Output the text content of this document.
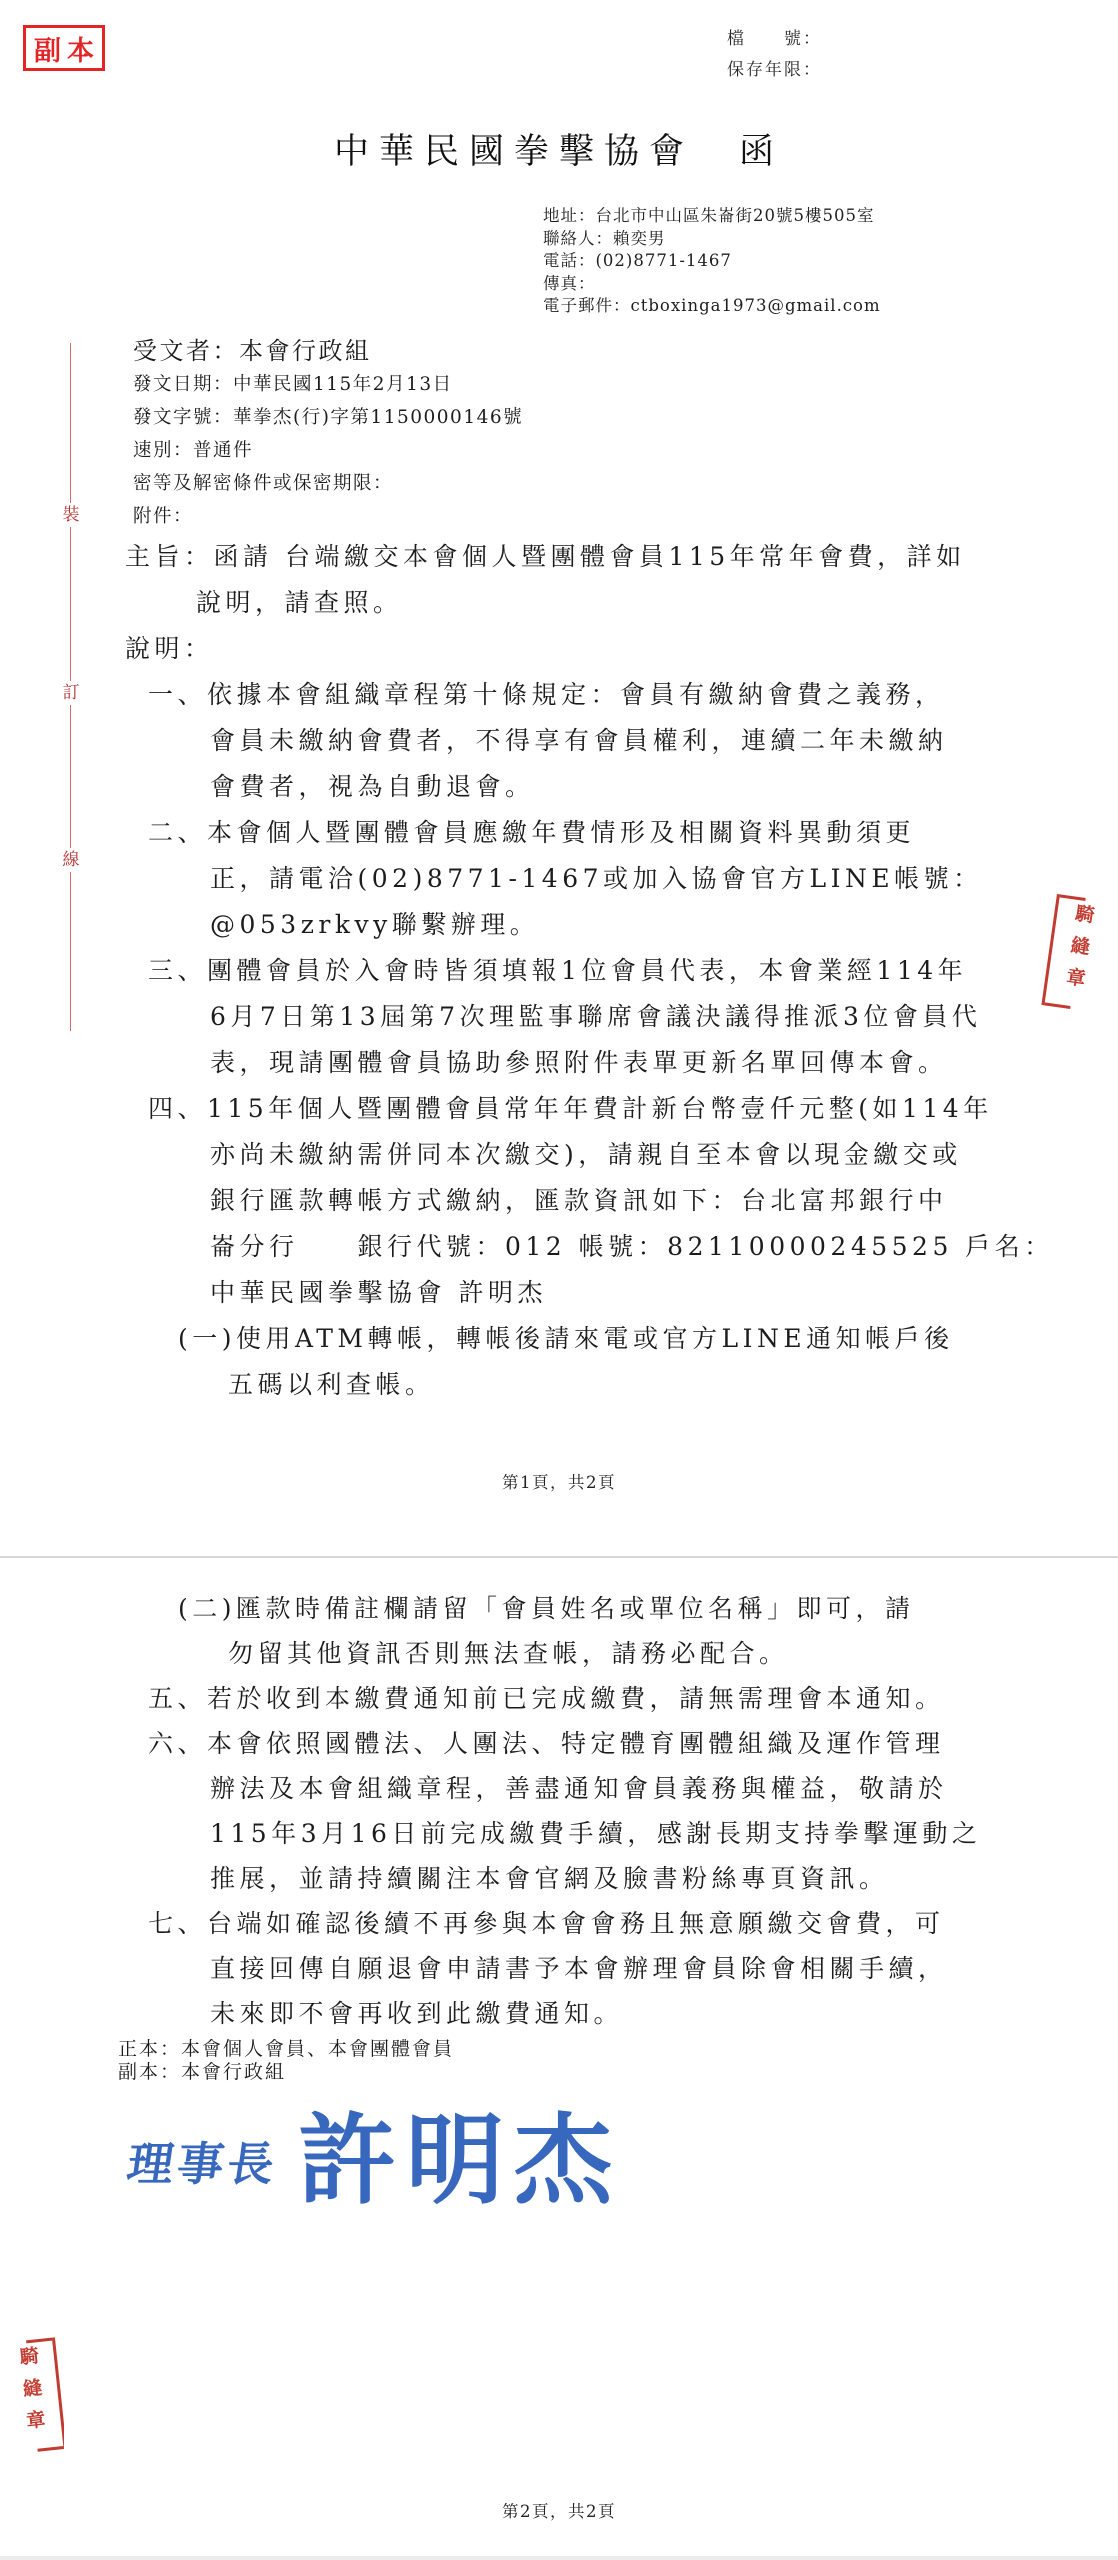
副本	檔　　號：
保存年限：
中華民國拳擊協會　函
地址：台北市中山區朱崙街20號5樓505室
聯絡人：賴奕男
電話：(02)8771-1467
傳真：
電子郵件：ctboxinga1973@gmail.com
受文者：本會行政組
發文日期：中華民國115年2月13日
發文字號：華拳杰(行)字第1150000146號
速別：普通件
密等及解密條件或保密期限：
附件：
裝
訂
線
主旨：函請 台端繳交本會個人暨團體會員115年常年會費，詳如
說明，請查照。
說明：
一、依據本會組織章程第十條規定：會員有繳納會費之義務，
會員未繳納會費者，不得享有會員權利，連續二年未繳納
會費者，視為自動退會。
二、本會個人暨團體會員應繳年費情形及相關資料異動須更
正，請電洽(02)8771-1467或加入協會官方LINE帳號：
@053zrkvy聯繫辦理。
三、團體會員於入會時皆須填報1位會員代表，本會業經114年
6月7日第13屆第7次理監事聯席會議決議得推派3位會員代
表，現請團體會員協助參照附件表單更新名單回傳本會。
四、115年個人暨團體會員常年年費計新台幣壹仟元整(如114年
亦尚未繳納需併同本次繳交)，請親自至本會以現金繳交或
銀行匯款轉帳方式繳納，匯款資訊如下：台北富邦銀行中
崙分行　　銀行代號：012 帳號：82110000245525 戶名：
中華民國拳擊協會 許明杰
(一)使用ATM轉帳，轉帳後請來電或官方LINE通知帳戶後
五碼以利查帳。
騎縫章
第1頁，共2頁
(二)匯款時備註欄請留「會員姓名或單位名稱」即可，請
勿留其他資訊否則無法查帳，請務必配合。
五、若於收到本繳費通知前已完成繳費，請無需理會本通知。
六、本會依照國體法、人團法、特定體育團體組織及運作管理
辦法及本會組織章程，善盡通知會員義務與權益，敬請於
115年3月16日前完成繳費手續，感謝長期支持拳擊運動之
推展，並請持續關注本會官網及臉書粉絲專頁資訊。
七、台端如確認後續不再參與本會會務且無意願繳交會費，可
直接回傳自願退會申請書予本會辦理會員除會相關手續，
未來即不會再收到此繳費通知。
正本：本會個人會員、本會團體會員
副本：本會行政組
理事長 許明杰
騎縫章
第2頁，共2頁
